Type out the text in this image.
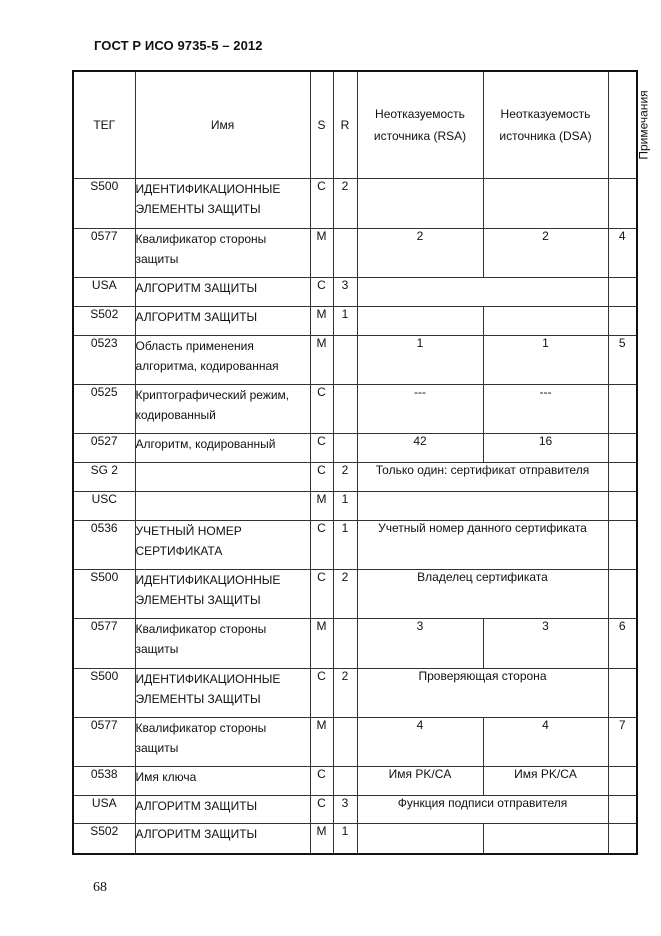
ГОСТ Р ИСО 9735-5 – 2012
ТЕГ	Имя	S	R	Неотказуемость источника (RSA)	Неотказуемость источника (DSA)	Примечания
S500	ИДЕНТИФИКАЦИОННЫЕ ЭЛЕМЕНТЫ ЗАЩИТЫ	C	2			
0577	Квалификатор стороны защиты	M		2	2	4
USA	АЛГОРИТМ ЗАЩИТЫ	C	3			
S502	АЛГОРИТМ ЗАЩИТЫ	M	1			
0523	Область применения алгоритма, кодированная	M		1	1	5
0525	Криптографический режим, кодированный	C		---	---	
0527	Алгоритм, кодированный	C		42	16	
SG 2		C	2	Только один: сертификат отправителя		
USC		M	1			
0536	УЧЕТНЫЙ НОМЕР СЕРТИФИКАТА	C	1	Учетный номер данного сертификата		
S500	ИДЕНТИФИКАЦИОННЫЕ ЭЛЕМЕНТЫ ЗАЩИТЫ	C	2	Владелец сертификата		
0577	Квалификатор стороны защиты	M		3	3	6
S500	ИДЕНТИФИКАЦИОННЫЕ ЭЛЕМЕНТЫ ЗАЩИТЫ	C	2	Проверяющая сторона		
0577	Квалификатор стороны защиты	M		4	4	7
0538	Имя ключа	C		Имя PK/CA	Имя PK/CA	
USA	АЛГОРИТМ ЗАЩИТЫ	C	3	Функция подписи отправителя		
S502	АЛГОРИТМ ЗАЩИТЫ	M	1			
68
